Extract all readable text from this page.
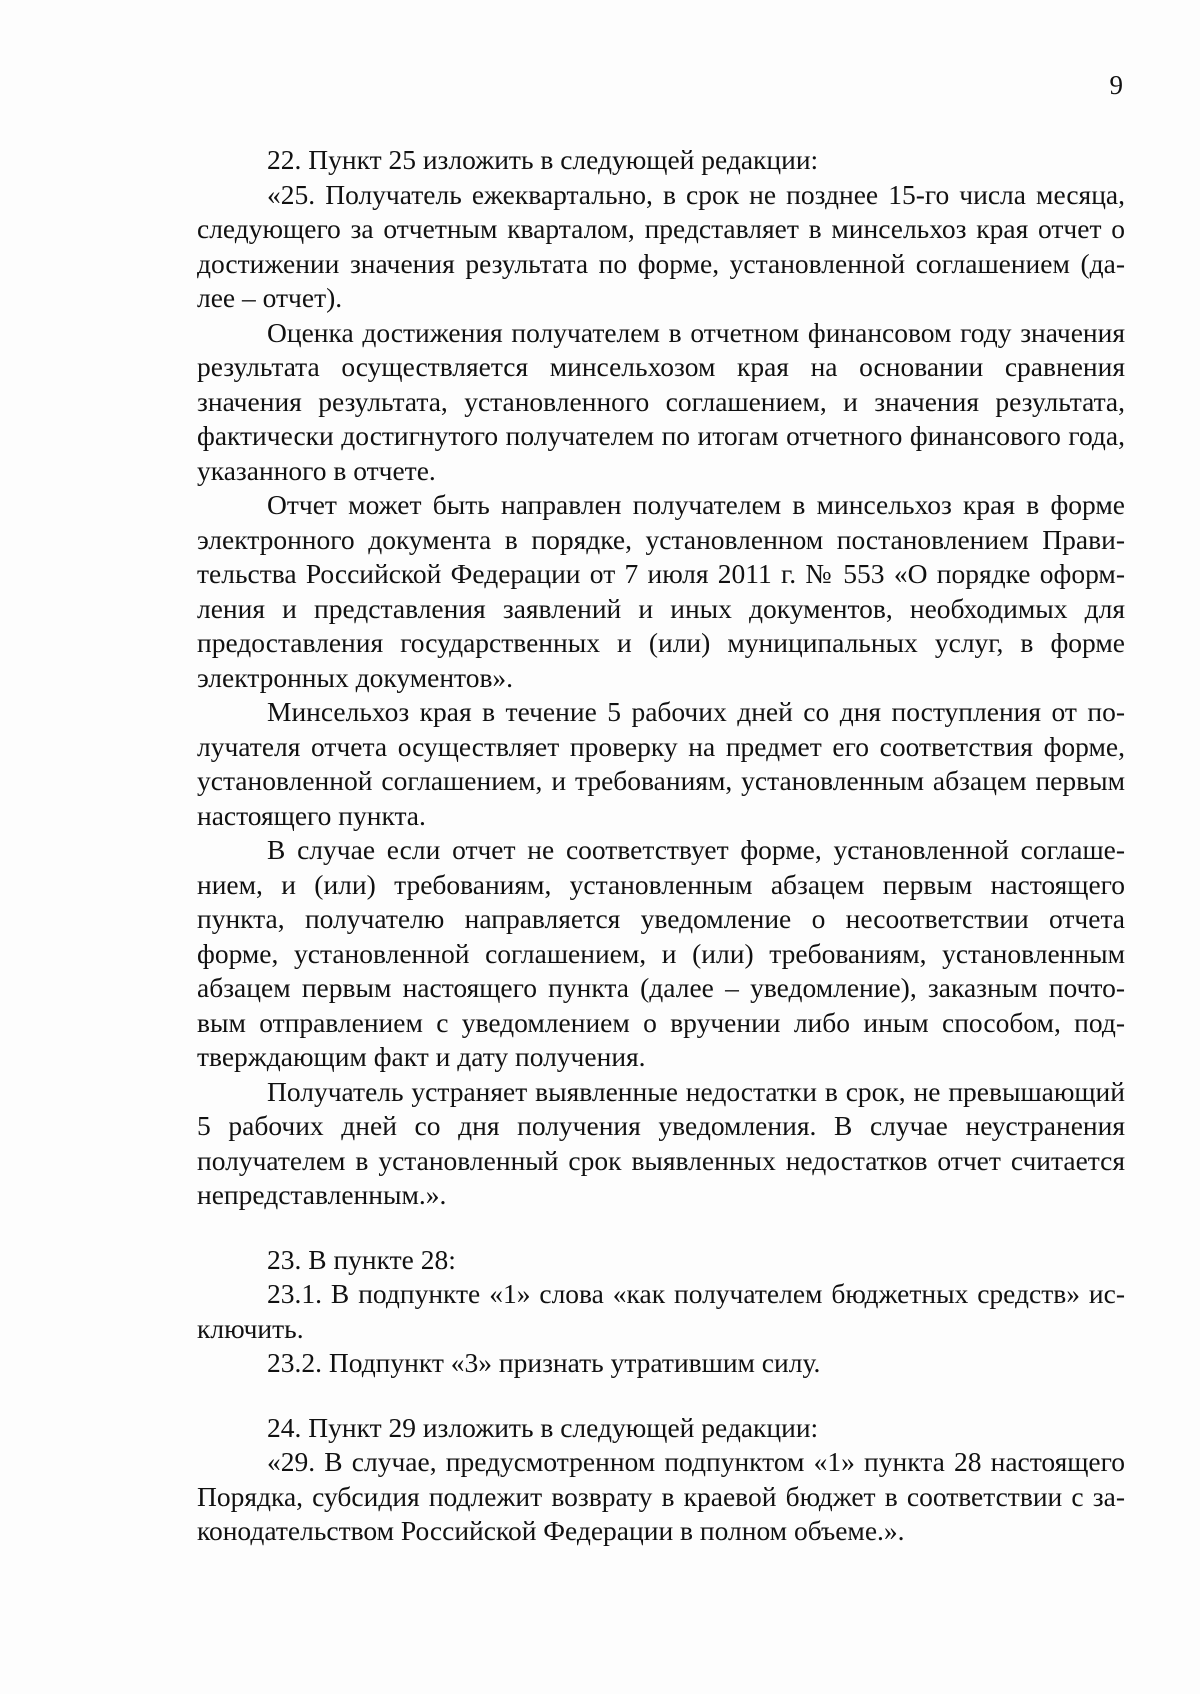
9

22. Пункт 25 изложить в следующей редакции:

«25. Получатель ежеквартально, в срок не позднее 15-го числа месяца, следующего за отчетным кварталом, представляет в минсельхоз края отчет о достижении значения результата по форме, установленной соглашением (далее – отчет).

Оценка достижения получателем в отчетном финансовом году значения результата осуществляется минсельхозом края на основании сравнения значения результата, установленного соглашением, и значения результата, фактически достигнутого получателем по итогам отчетного финансового года, указанного в отчете.

Отчет может быть направлен получателем в минсельхоз края в форме электронного документа в порядке, установленном постановлением Правительства Российской Федерации от 7 июля 2011 г. № 553 «О порядке оформления и представления заявлений и иных документов, необходимых для предоставления государственных и (или) муниципальных услуг, в форме электронных документов».

Минсельхоз края в течение 5 рабочих дней со дня поступления от получателя отчета осуществляет проверку на предмет его соответствия форме, установленной соглашением, и требованиям, установленным абзацем первым настоящего пункта.

В случае если отчет не соответствует форме, установленной соглашением, и (или) требованиям, установленным абзацем первым настоящего пункта, получателю направляется уведомление о несоответствии отчета форме, установленной соглашением, и (или) требованиям, установленным абзацем первым настоящего пункта (далее – уведомление), заказным почтовым отправлением с уведомлением о вручении либо иным способом, подтверждающим факт и дату получения.

Получатель устраняет выявленные недостатки в срок, не превышающий 5 рабочих дней со дня получения уведомления. В случае неустранения получателем в установленный срок выявленных недостатков отчет считается непредставленным.».

23. В пункте 28:

23.1. В подпункте «1» слова «как получателем бюджетных средств» исключить.

23.2. Подпункт «3» признать утратившим силу.

24. Пункт 29 изложить в следующей редакции:

«29. В случае, предусмотренном подпунктом «1» пункта 28 настоящего Порядка, субсидия подлежит возврату в краевой бюджет в соответствии с законодательством Российской Федерации в полном объеме.».
